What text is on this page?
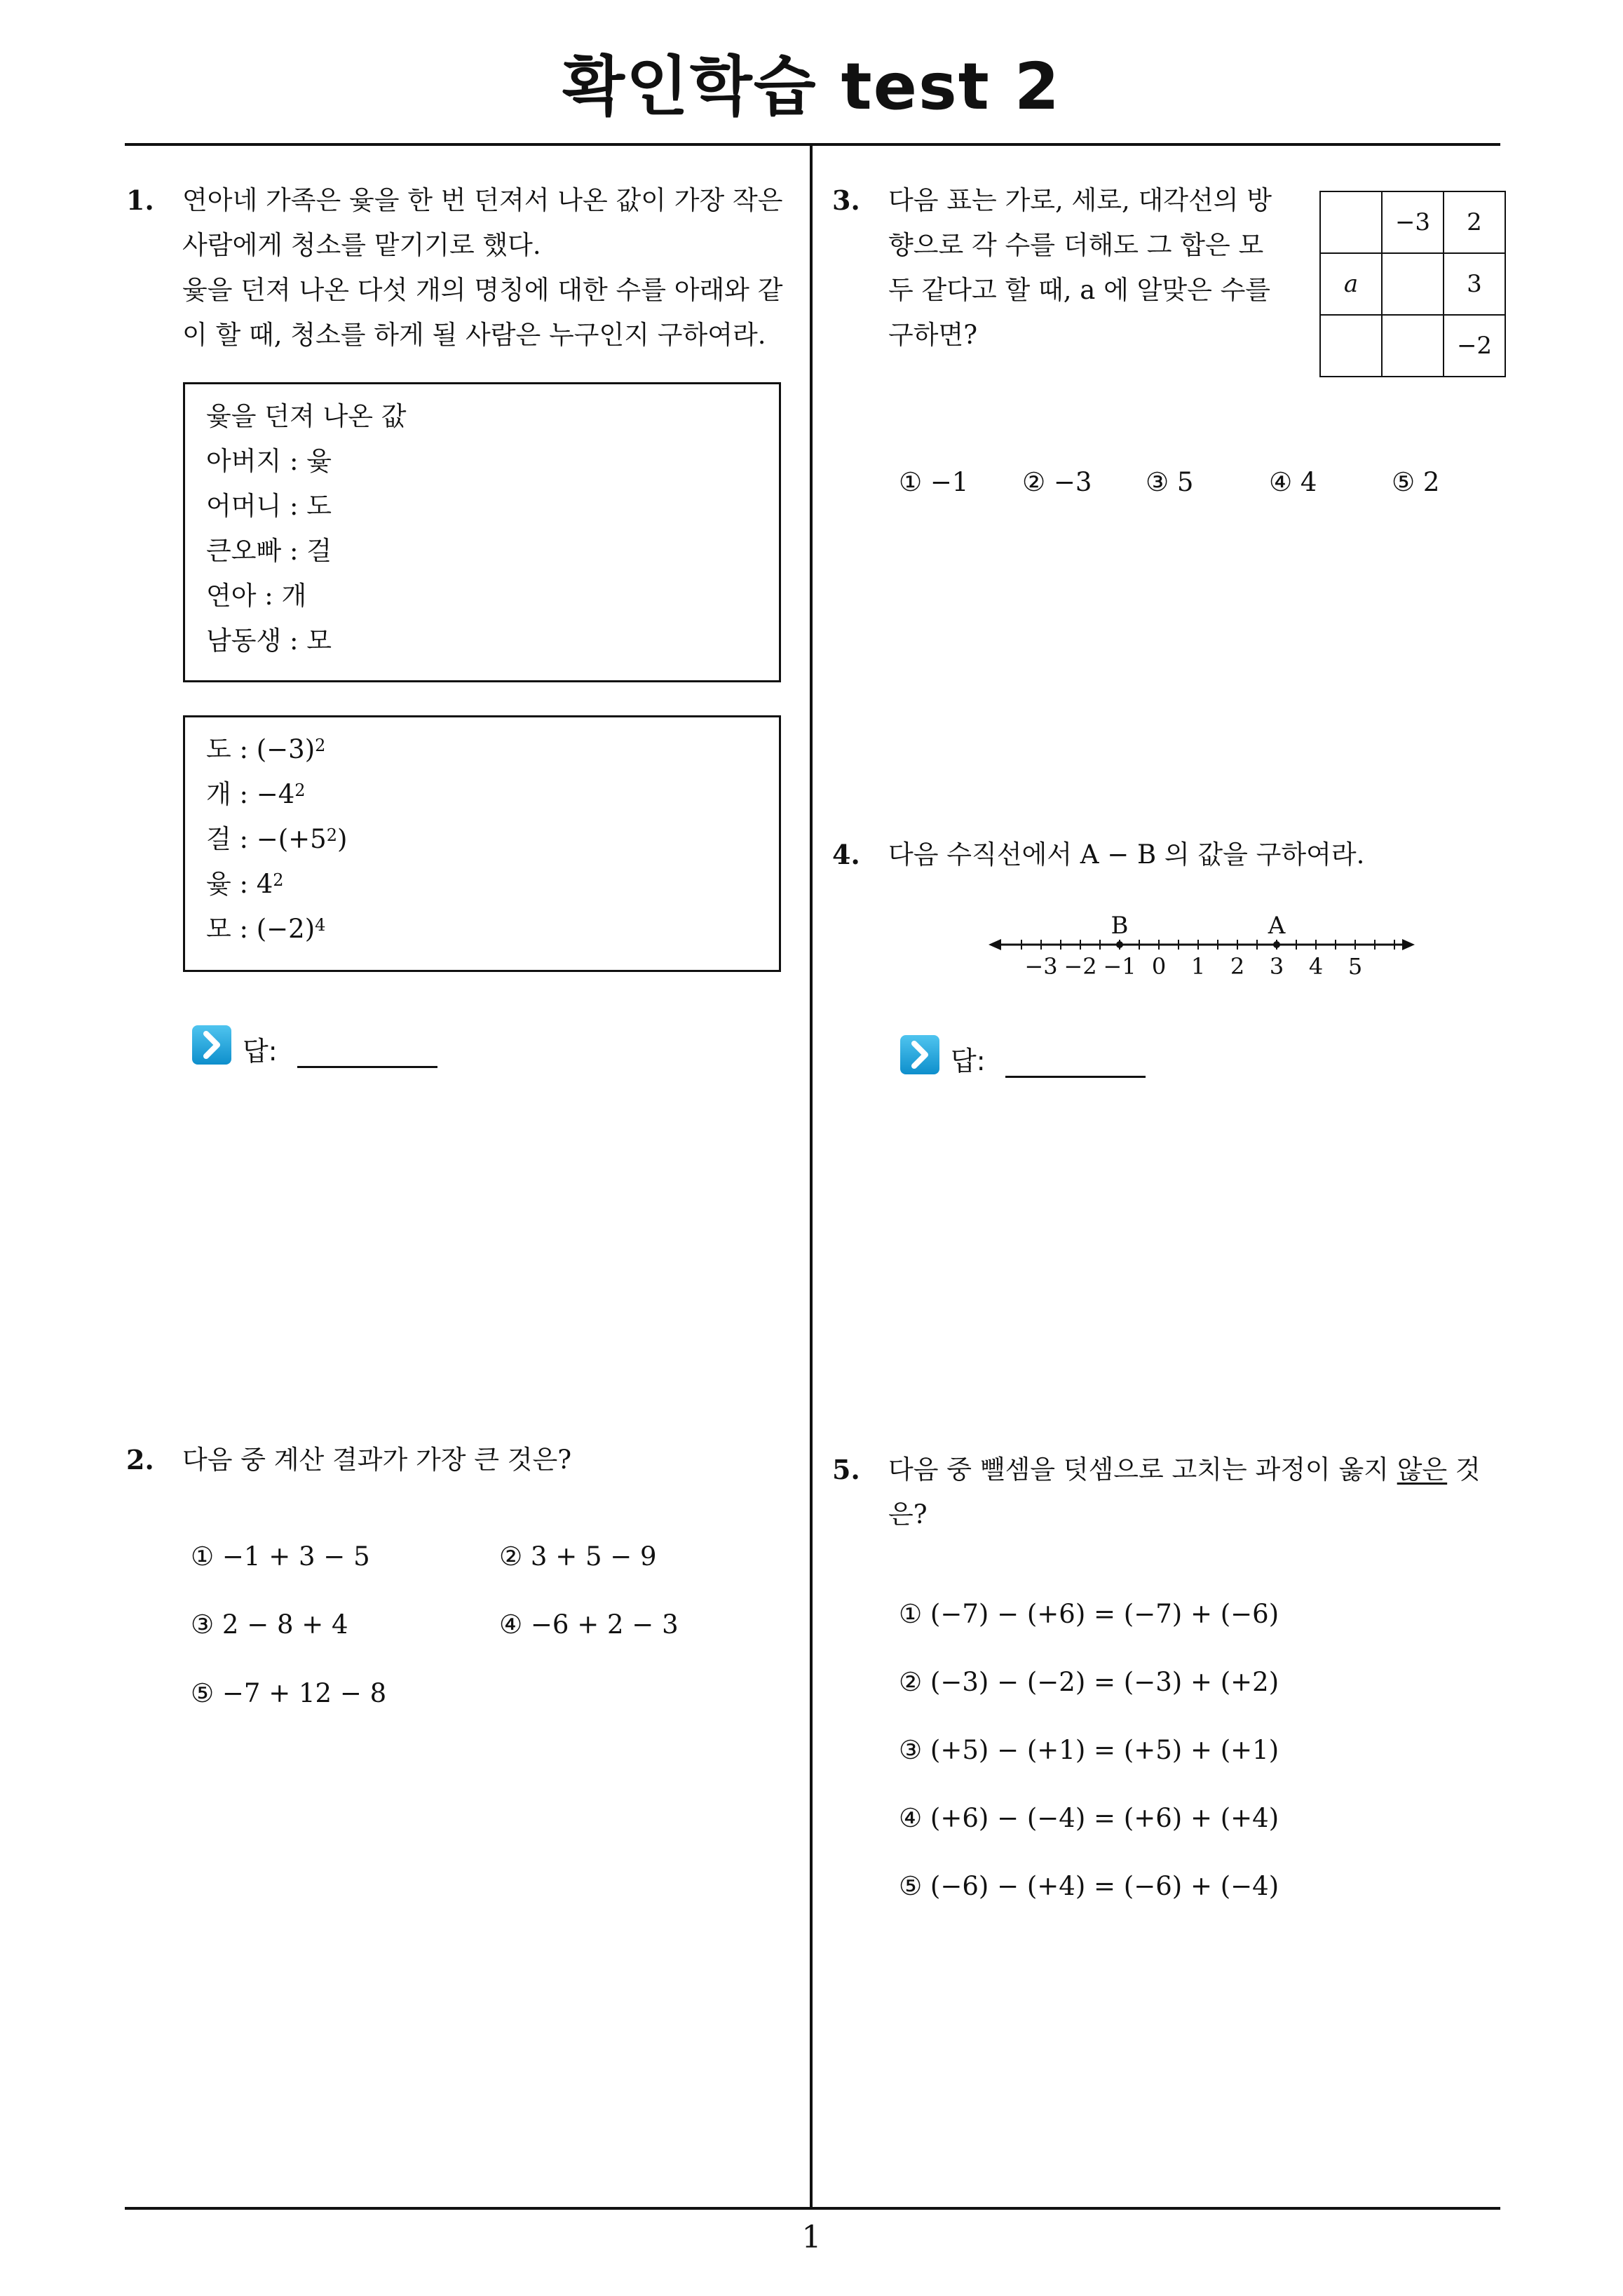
확인학습 test 2
1. 연아네 가족은 윷을 한 번 던져서 나온 값이 가장 작은
사람에게 청소를 맡기기로 했다.
윷을 던져 나온 다섯 개의 명칭에 대한 수를 아래와 같
이 할 때, 청소를 하게 될 사람은 누구인지 구하여라.
윷을 던져 나온 값
아버지 : 윷
어머니 : 도
큰오빠 : 걸
연아 : 개
남동생 : 모
도 : $(-3)^2$
개 : $-4^2$
걸 : $-(+5^2)$
윷 : $4^2$
모 : $(-2)^4$
답:
2. 다음 중 계산 결과가 가장 큰 것은?
① −1 + 3 − 5	② 3 + 5 − 9
③ 2 − 8 + 4	④ −6 + 2 − 3
⑤ −7 + 12 − 8
3. 다음 표는 가로, 세로, 대각선의 방
향으로 각 수를 더해도 그 합은 모
두 같다고 할 때, a 에 알맞은 수를
구하면?
	−3	2
a		3
		−2
① −1 ② −3 ③ 5	④ 4	⑤ 2
4. 다음 수직선에서 A − B 의 값을 구하여라.
−3 −2 −1 0 1 2 3 4 5
B	A
답:
5. 다음 중 뺄셈을 덧셈으로 고치는 과정이 옳지 않은 것
은?
① (−7) − (+6) = (−7) + (−6)
② (−3) − (−2) = (−3) + (+2)
③ (+5) − (+1) = (+5) + (+1)
④ (+6) − (−4) = (+6) + (+4)
⑤ (−6) − (+4) = (−6) + (−4)
1
